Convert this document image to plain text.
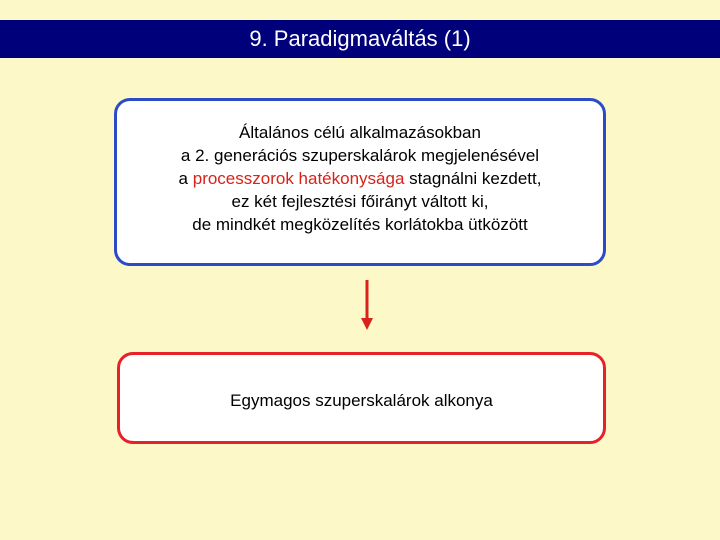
9. Paradigmaváltás (1)
Általános célú alkalmazásokban
a 2. generációs szuperskalárok megjelenésével
a processzorok hatékonysága stagnálni kezdett,
ez két fejlesztési főirányt váltott ki,
de mindkét megközelítés korlátokba ütközött
Egymagos szuperskalárok alkonya
